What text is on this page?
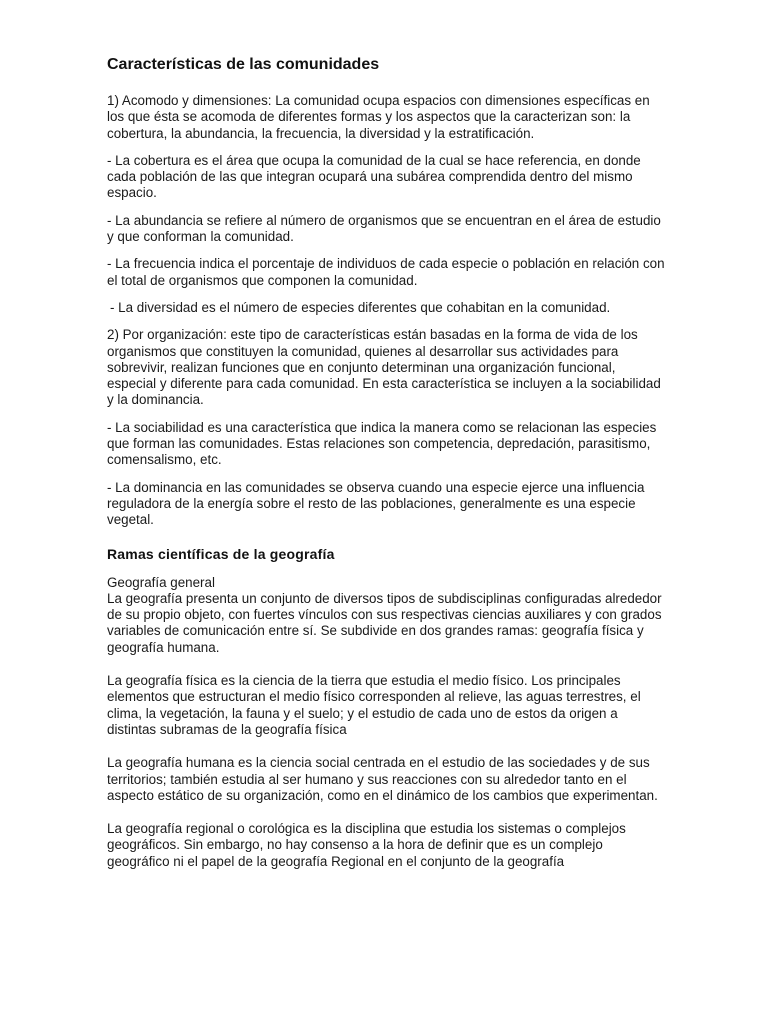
Características de las comunidades

1) Acomodo y dimensiones: La comunidad ocupa espacios con dimensiones específicas en los que ésta se acomoda de diferentes formas y los aspectos que la caracterizan son: la cobertura, la abundancia, la frecuencia, la diversidad y la estratificación.

- La cobertura es el área que ocupa la comunidad de la cual se hace referencia, en donde cada población de las que integran ocupará una subárea comprendida dentro del mismo espacio.

- La abundancia se refiere al número de organismos que se encuentran en el área de estudio y que conforman la comunidad.

- La frecuencia indica el porcentaje de individuos de cada especie o población en relación con el total de organismos que componen la comunidad.

- La diversidad es el número de especies diferentes que cohabitan en la comunidad.

2) Por organización: este tipo de características están basadas en la forma de vida de los organismos que constituyen la comunidad, quienes al desarrollar sus actividades para sobrevivir, realizan funciones que en conjunto determinan una organización funcional, especial y diferente para cada comunidad. En esta característica se incluyen a la sociabilidad y la dominancia.

- La sociabilidad es una característica que indica la manera como se relacionan las especies que forman las comunidades. Estas relaciones son competencia, depredación, parasitismo, comensalismo, etc.

- La dominancia en las comunidades se observa cuando una especie ejerce una influencia reguladora de la energía sobre el resto de las poblaciones, generalmente es una especie vegetal.

Ramas científicas de la geografía

Geografía general

La geografía presenta un conjunto de diversos tipos de subdisciplinas configuradas alrededor de su propio objeto, con fuertes vínculos con sus respectivas ciencias auxiliares y con grados variables de comunicación entre sí. Se subdivide en dos grandes ramas: geografía física y geografía humana.

La geografía física es la ciencia de la tierra que estudia el medio físico. Los principales elementos que estructuran el medio físico corresponden al relieve, las aguas terrestres, el clima, la vegetación, la fauna y el suelo; y el estudio de cada uno de estos da origen a distintas subramas de la geografía física

La geografía humana es la ciencia social centrada en el estudio de las sociedades y de sus territorios; también estudia al ser humano y sus reacciones con su alrededor tanto en el aspecto estático de su organización, como en el dinámico de los cambios que experimentan.

La geografía regional o corológica es la disciplina que estudia los sistemas o complejos geográficos. Sin embargo, no hay consenso a la hora de definir que es un complejo geográfico ni el papel de la geografía Regional en el conjunto de la geografía
